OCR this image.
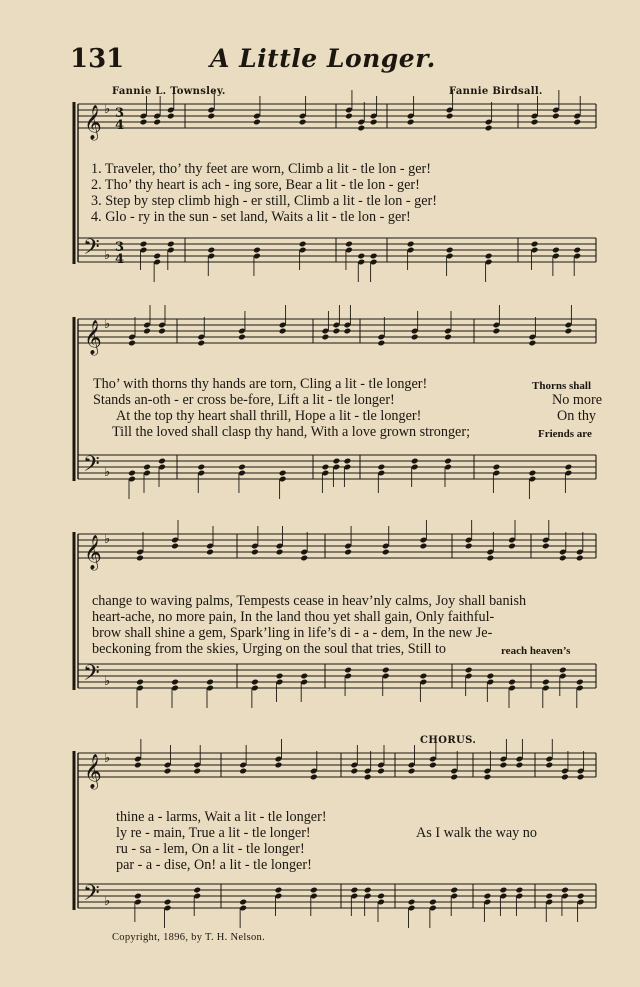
𝄞 ♭ 3
4
𝄢 ♭
3
4
𝄞 ♭
𝄢 ♭
𝄞 ♭
𝄢 ♭
𝄞 ♭
𝄢 ♭
131	A Little Longer.
Fannie L. Townsley.	Fannie Birdsall.
1. Traveler, tho’ thy feet are worn, Climb a lit - tle lon - ger!
2. Tho’ thy heart is ach - ing sore, Bear a lit - tle lon - ger!
3. Step by step climb high - er still, Climb a lit - tle lon - ger!
4. Glo - ry in the sun - set land, Waits a lit - tle lon - ger!
Tho’ with thorns thy hands are torn, Cling a lit - tle longer!
Stands an-oth - er cross be-fore, Lift a lit - tle longer!
At the top thy heart shall thrill, Hope a lit - tle longer!
Till the loved shall clasp thy hand, With a love grown stronger;
Thorns shall
No more
On thy
Friends are
change to waving palms, Tempests cease in heav’nly calms, Joy shall banish
heart-ache, no more pain, In the land thou yet shall gain, Only faithful-
brow shall shine a gem, Spark’ling in life’s di - a - dem, In the new Je-
beckoning from the skies, Urging on the soul that tries, Still to	reach heaven’s
CHORUS.
thine a - larms, Wait a lit - tle longer!
ly re - main, True a lit - tle longer!
ru - sa - lem, On a lit - tle longer!
par - a - dise, On! a lit - tle longer!
As I walk the way no
Copyright, 1896, by T. H. Nelson.
